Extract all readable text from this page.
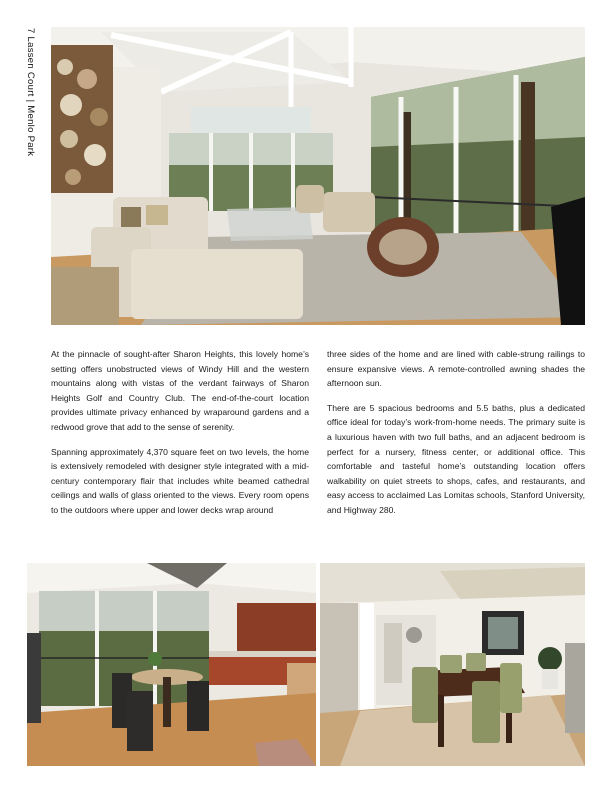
7 Lassen Court | Menlo Park

At the pinnacle of sought-after Sharon Heights, this lovely home’s setting offers unobstructed views of Windy Hill and the western mountains along with vistas of the verdant fairways of Sharon Heights Golf and Country Club. The end-of-the-court location provides ultimate privacy enhanced by wraparound gardens and a redwood grove that add to the sense of serenity.

Spanning approximately 4,370 square feet on two levels, the home is extensively remodeled with designer style integrated with a mid-century contemporary flair that includes white beamed cathedral ceilings and walls of glass oriented to the views. Every room opens to the outdoors where upper and lower decks wrap around

three sides of the home and are lined with cable-strung railings to ensure expansive views. A remote-controlled awning shades the afternoon sun.

There are 5 spacious bedrooms and 5.5 baths, plus a dedicated office ideal for today’s work-from-home needs. The primary suite is a luxurious haven with two full baths, and an adjacent bedroom is perfect for a nursery, fitness center, or additional office. This comfortable and tasteful home’s outstanding location offers walkability on quiet streets to shops, cafes, and restaurants, and easy access to acclaimed Las Lomitas schools, Stanford University, and Highway 280.
